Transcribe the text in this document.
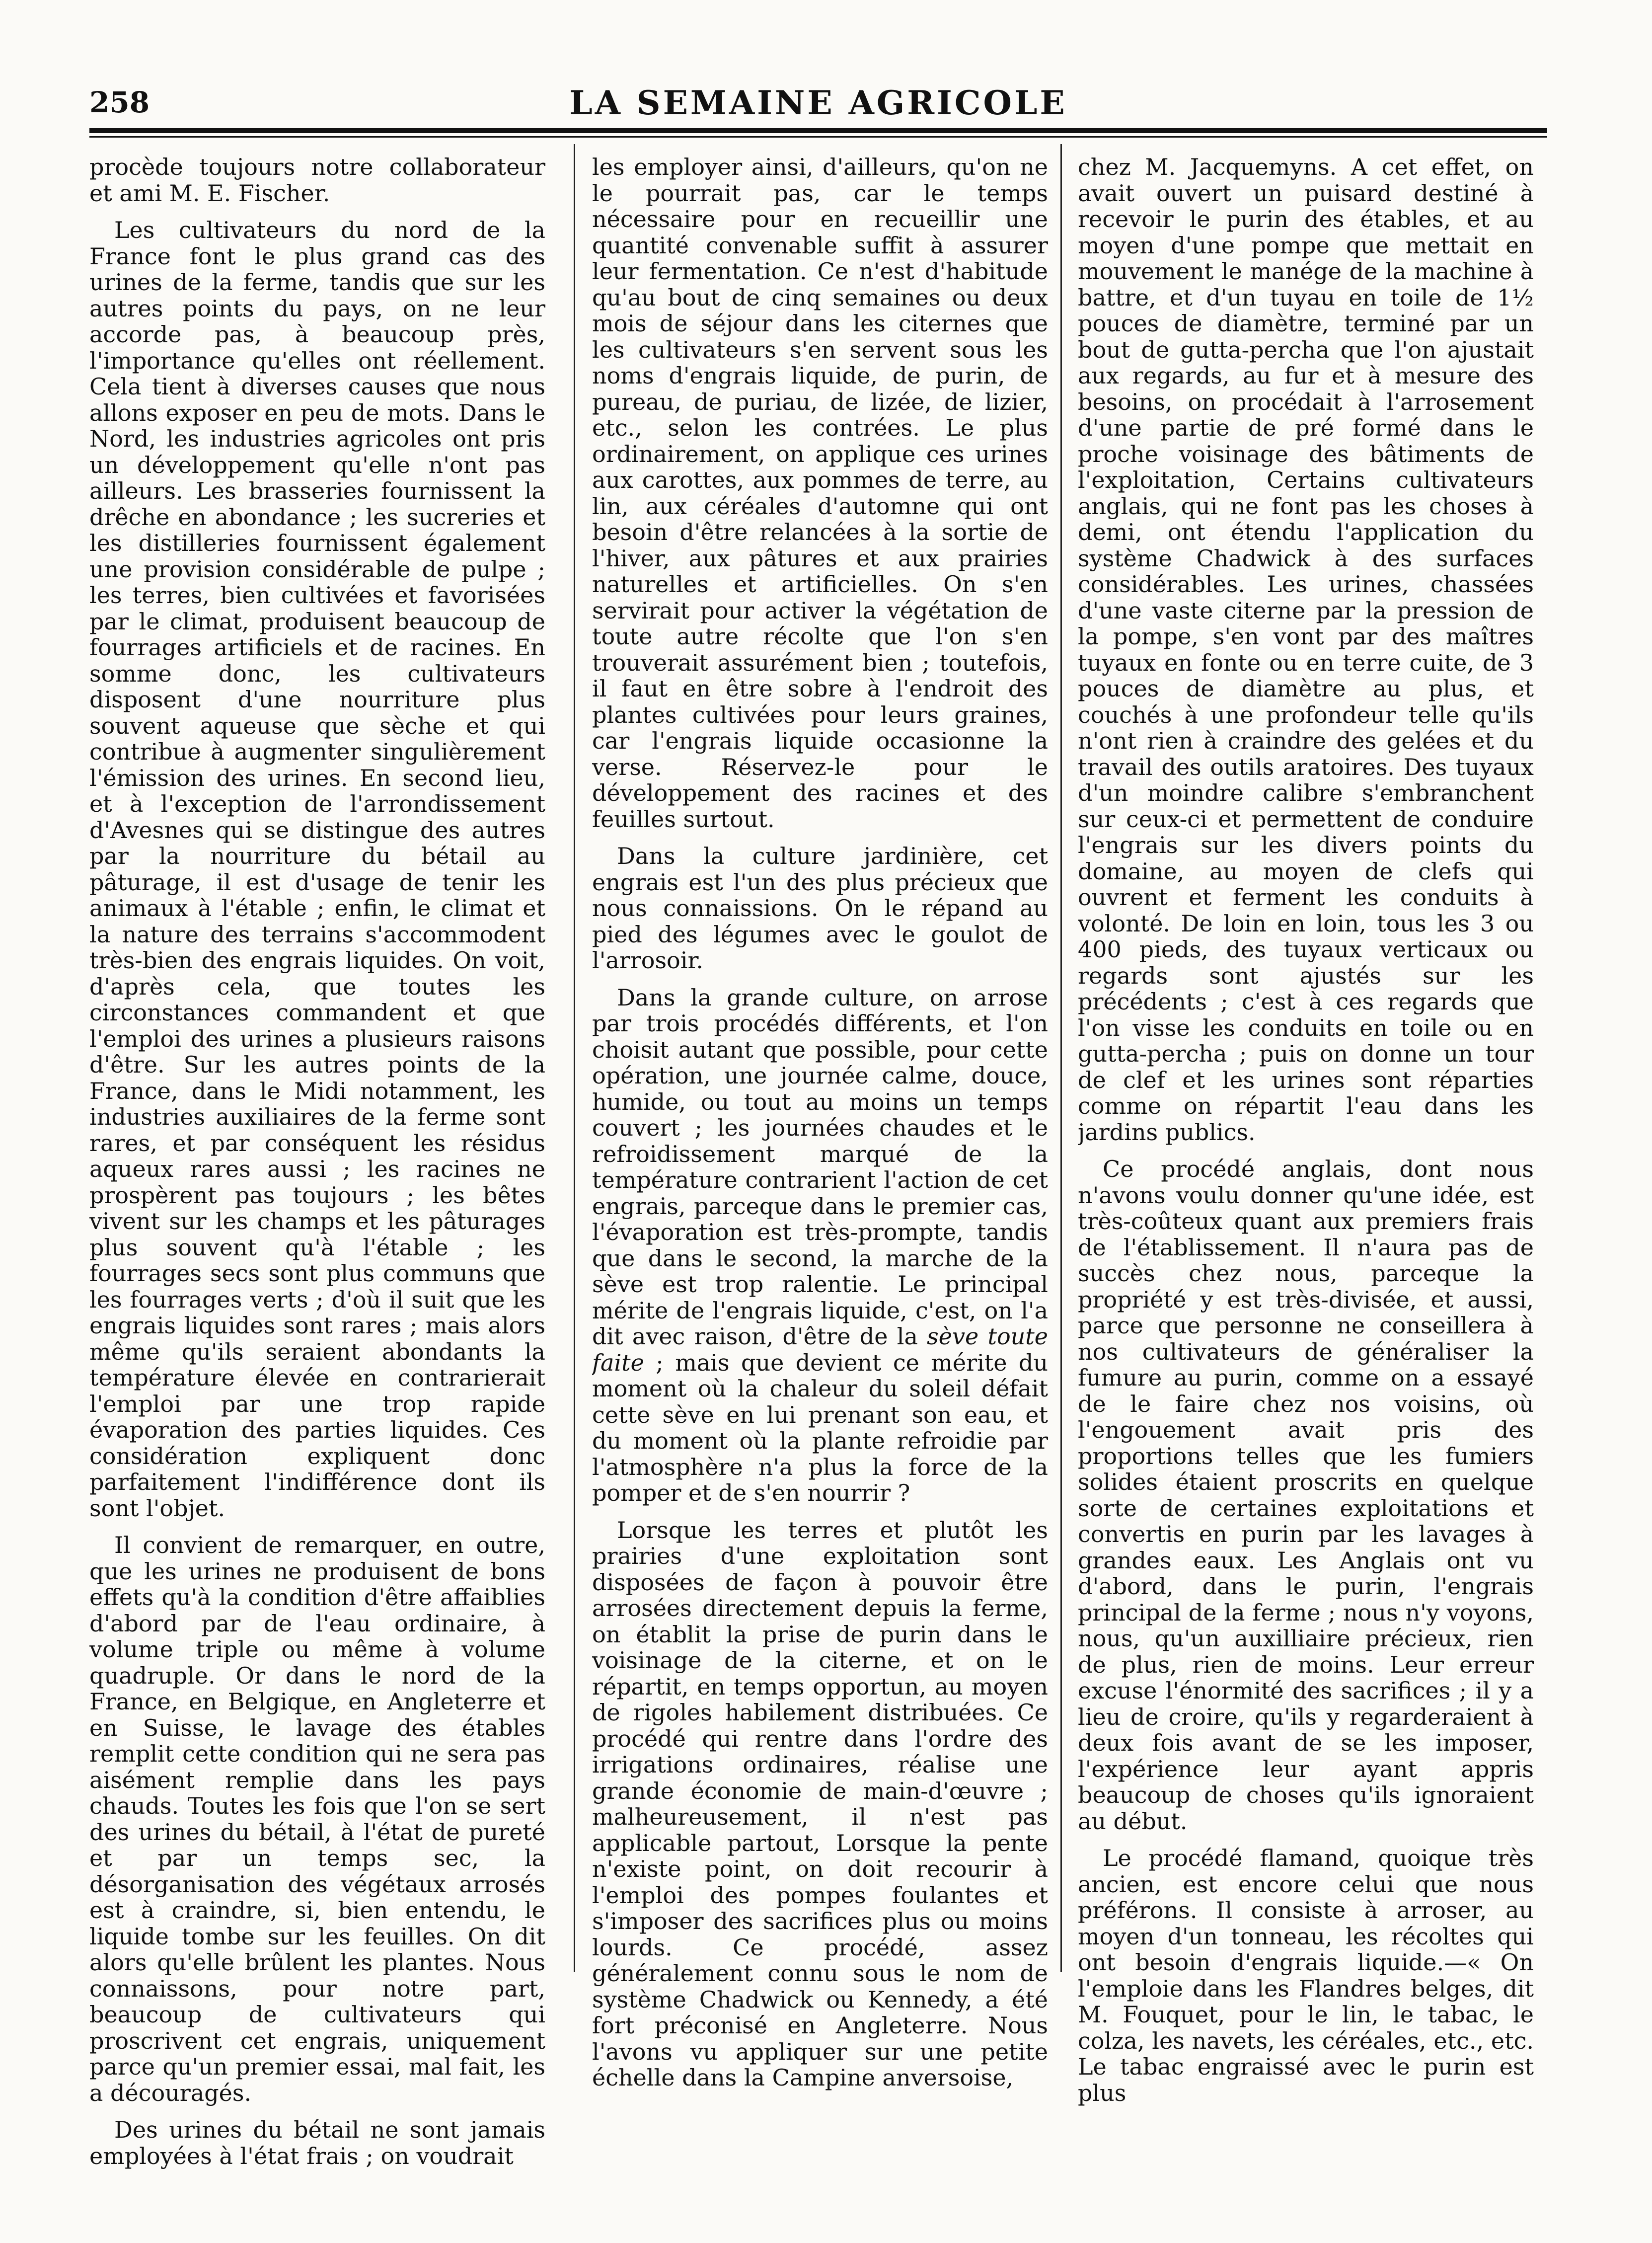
258	LA SEMAINE AGRICOLE

procède toujours notre collaborateur et ami M. E. Fischer.

Les cultivateurs du nord de la France font le plus grand cas des urines de la ferme, tandis que sur les autres points du pays, on ne leur accorde pas, à beaucoup près, l'importance qu'elles ont réellement. Cela tient à diverses causes que nous allons exposer en peu de mots. Dans le Nord, les industries agricoles ont pris un développement qu'elle n'ont pas ailleurs. Les brasseries fournissent la drêche en abondance ; les sucreries et les distilleries fournissent également une provision considérable de pulpe ; les terres, bien cultivées et favorisées par le climat, produisent beaucoup de fourrages artificiels et de racines. En somme donc, les cultivateurs disposent d'une nourriture plus souvent aqueuse que sèche et qui contribue à augmenter singulièrement l'émission des urines. En second lieu, et à l'exception de l'arrondissement d'Avesnes qui se distingue des autres par la nourriture du bétail au pâturage, il est d'usage de tenir les animaux à l'étable ; enfin, le climat et la nature des terrains s'accommodent très-bien des engrais liquides. On voit, d'après cela, que toutes les circonstances commandent et que l'emploi des urines a plusieurs raisons d'être. Sur les autres points de la France, dans le Midi notamment, les industries auxiliaires de la ferme sont rares, et par conséquent les résidus aqueux rares aussi ; les racines ne prospèrent pas toujours ; les bêtes vivent sur les champs et les pâturages plus souvent qu'à l'étable ; les fourrages secs sont plus communs que les fourrages verts ; d'où il suit que les engrais liquides sont rares ; mais alors même qu'ils seraient abondants la température élevée en contrarierait l'emploi par une trop rapide évaporation des parties liquides. Ces considération expliquent donc parfaitement l'indifférence dont ils sont l'objet.

Il convient de remarquer, en outre, que les urines ne produisent de bons effets qu'à la condition d'être affaiblies d'abord par de l'eau ordinaire, à volume triple ou même à volume quadruple. Or dans le nord de la France, en Belgique, en Angleterre et en Suisse, le lavage des étables remplit cette condition qui ne sera pas aisément remplie dans les pays chauds. Toutes les fois que l'on se sert des urines du bétail, à l'état de pureté et par un temps sec, la désorganisation des végétaux arrosés est à craindre, si, bien entendu, le liquide tombe sur les feuilles. On dit alors qu'elle brûlent les plantes. Nous connaissons, pour notre part, beaucoup de cultivateurs qui proscrivent cet engrais, uniquement parce qu'un premier essai, mal fait, les a découragés.

Des urines du bétail ne sont jamais employées à l'état frais ; on voudrait

les employer ainsi, d'ailleurs, qu'on ne le pourrait pas, car le temps nécessaire pour en recueillir une quantité convenable suffit à assurer leur fermentation. Ce n'est d'habitude qu'au bout de cinq semaines ou deux mois de séjour dans les citernes que les cultivateurs s'en servent sous les noms d'engrais liquide, de purin, de pureau, de puriau, de lizée, de lizier, etc., selon les contrées. Le plus ordinairement, on applique ces urines aux carottes, aux pommes de terre, au lin, aux céréales d'automne qui ont besoin d'être relancées à la sortie de l'hiver, aux pâtures et aux prairies naturelles et artificielles. On s'en servirait pour activer la végétation de toute autre récolte que l'on s'en trouverait assurément bien ; toutefois, il faut en être sobre à l'endroit des plantes cultivées pour leurs graines, car l'engrais liquide occasionne la verse. Réservez-le pour le développement des racines et des feuilles surtout.

Dans la culture jardinière, cet engrais est l'un des plus précieux que nous connaissions. On le répand au pied des légumes avec le goulot de l'arrosoir.

Dans la grande culture, on arrose par trois procédés différents, et l'on choisit autant que possible, pour cette opération, une journée calme, douce, humide, ou tout au moins un temps couvert ; les journées chaudes et le refroidissement marqué de la température contrarient l'action de cet engrais, parceque dans le premier cas, l'évaporation est très-prompte, tandis que dans le second, la marche de la sève est trop ralentie. Le principal mérite de l'engrais liquide, c'est, on l'a dit avec raison, d'être de la sève toute faite ; mais que devient ce mérite du moment où la chaleur du soleil défait cette sève en lui prenant son eau, et du moment où la plante refroidie par l'atmosphère n'a plus la force de la pomper et de s'en nourrir ?

Lorsque les terres et plutôt les prairies d'une exploitation sont disposées de façon à pouvoir être arrosées directement depuis la ferme, on établit la prise de purin dans le voisinage de la citerne, et on le répartit, en temps opportun, au moyen de rigoles habilement distribuées. Ce procédé qui rentre dans l'ordre des irrigations ordinaires, réalise une grande économie de main-d'œuvre ; malheureusement, il n'est pas applicable partout, Lorsque la pente n'existe point, on doit recourir à l'emploi des pompes foulantes et s'imposer des sacrifices plus ou moins lourds. Ce procédé, assez généralement connu sous le nom de système Chadwick ou Kennedy, a été fort préconisé en Angleterre. Nous l'avons vu appliquer sur une petite échelle dans la Campine anversoise,

chez M. Jacquemyns. A cet effet, on avait ouvert un puisard destiné à recevoir le purin des étables, et au moyen d'une pompe que mettait en mouvement le manége de la machine à battre, et d'un tuyau en toile de 1½ pouces de diamètre, terminé par un bout de gutta-percha que l'on ajustait aux regards, au fur et à mesure des besoins, on procédait à l'arrosement d'une partie de pré formé dans le proche voisinage des bâtiments de l'exploitation, Certains cultivateurs anglais, qui ne font pas les choses à demi, ont étendu l'application du système Chadwick à des surfaces considérables. Les urines, chassées d'une vaste citerne par la pression de la pompe, s'en vont par des maîtres tuyaux en fonte ou en terre cuite, de 3 pouces de diamètre au plus, et couchés à une profondeur telle qu'ils n'ont rien à craindre des gelées et du travail des outils aratoires. Des tuyaux d'un moindre calibre s'embranchent sur ceux-ci et permettent de conduire l'engrais sur les divers points du domaine, au moyen de clefs qui ouvrent et ferment les conduits à volonté. De loin en loin, tous les 3 ou 400 pieds, des tuyaux verticaux ou regards sont ajustés sur les précédents ; c'est à ces regards que l'on visse les conduits en toile ou en gutta-percha ; puis on donne un tour de clef et les urines sont réparties comme on répartit l'eau dans les jardins publics.

Ce procédé anglais, dont nous n'avons voulu donner qu'une idée, est très-coûteux quant aux premiers frais de l'établissement. Il n'aura pas de succès chez nous, parceque la propriété y est très-divisée, et aussi, parce que personne ne conseillera à nos cultivateurs de généraliser la fumure au purin, comme on a essayé de le faire chez nos voisins, où l'engouement avait pris des proportions telles que les fumiers solides étaient proscrits en quelque sorte de certaines exploitations et convertis en purin par les lavages à grandes eaux. Les Anglais ont vu d'abord, dans le purin, l'engrais principal de la ferme ; nous n'y voyons, nous, qu'un auxilliaire précieux, rien de plus, rien de moins. Leur erreur excuse l'énormité des sacrifices ; il y a lieu de croire, qu'ils y regarderaient à deux fois avant de se les imposer, l'expérience leur ayant appris beaucoup de choses qu'ils ignoraient au début.

Le procédé flamand, quoique très ancien, est encore celui que nous préférons. Il consiste à arroser, au moyen d'un tonneau, les récoltes qui ont besoin d'engrais liquide.—« On l'emploie dans les Flandres belges, dit M. Fouquet, pour le lin, le tabac, le colza, les navets, les céréales, etc., etc. Le tabac engraissé avec le purin est plus
